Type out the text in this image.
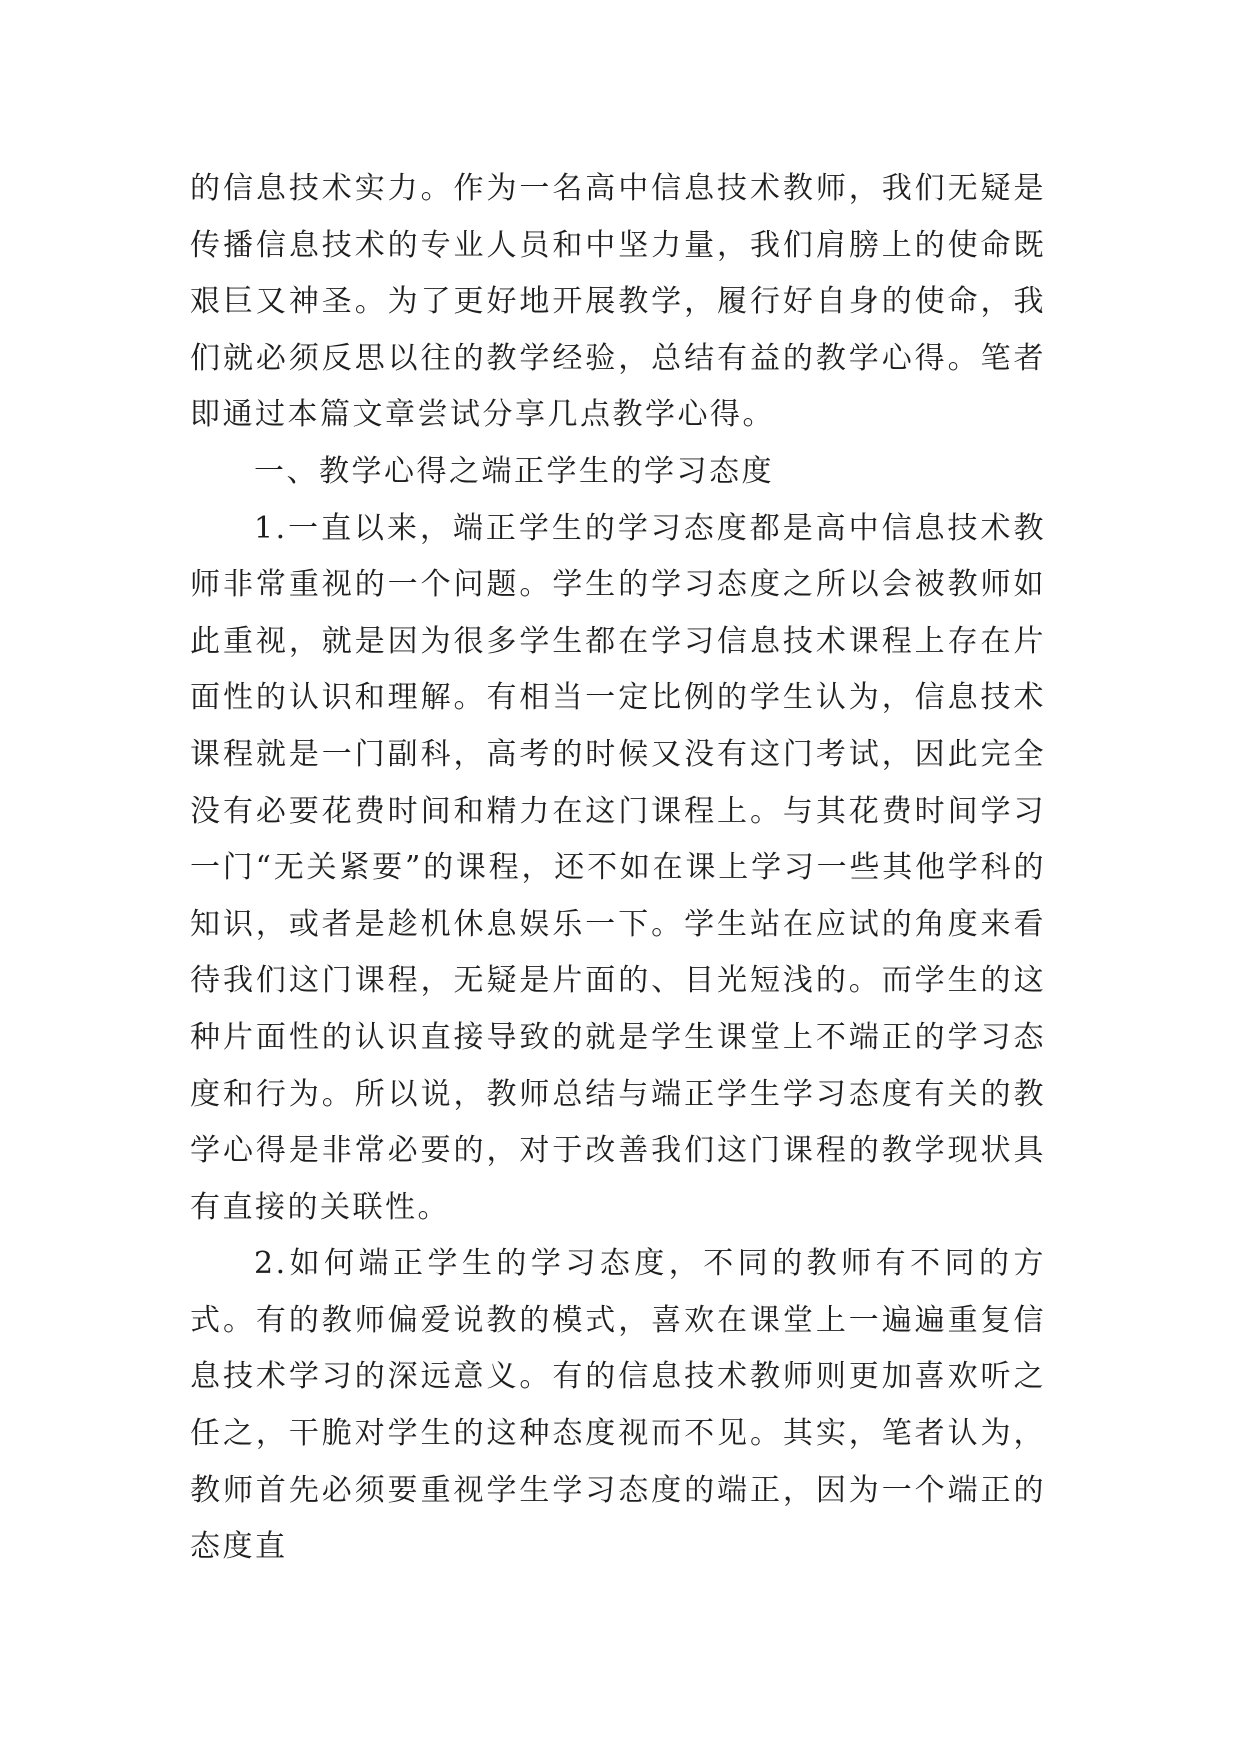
的信息技术实力。作为一名高中信息技术教师，我们无疑是传播信息技术的专业人员和中坚力量，我们肩膀上的使命既艰巨又神圣。为了更好地开展教学，履行好自身的使命，我们就必须反思以往的教学经验，总结有益的教学心得。笔者即通过本篇文章尝试分享几点教学心得。

一、教学心得之端正学生的学习态度

1.一直以来，端正学生的学习态度都是高中信息技术教师非常重视的一个问题。学生的学习态度之所以会被教师如此重视，就是因为很多学生都在学习信息技术课程上存在片面性的认识和理解。有相当一定比例的学生认为，信息技术课程就是一门副科，高考的时候又没有这门考试，因此完全没有必要花费时间和精力在这门课程上。与其花费时间学习一门“无关紧要”的课程，还不如在课上学习一些其他学科的知识，或者是趁机休息娱乐一下。学生站在应试的角度来看待我们这门课程，无疑是片面的、目光短浅的。而学生的这种片面性的认识直接导致的就是学生课堂上不端正的学习态度和行为。所以说，教师总结与端正学生学习态度有关的教学心得是非常必要的，对于改善我们这门课程的教学现状具有直接的关联性。

2.如何端正学生的学习态度，不同的教师有不同的方式。有的教师偏爱说教的模式，喜欢在课堂上一遍遍重复信息技术学习的深远意义。有的信息技术教师则更加喜欢听之任之，干脆对学生的这种态度视而不见。其实，笔者认为，教师首先必须要重视学生学习态度的端正，因为一个端正的态度直
